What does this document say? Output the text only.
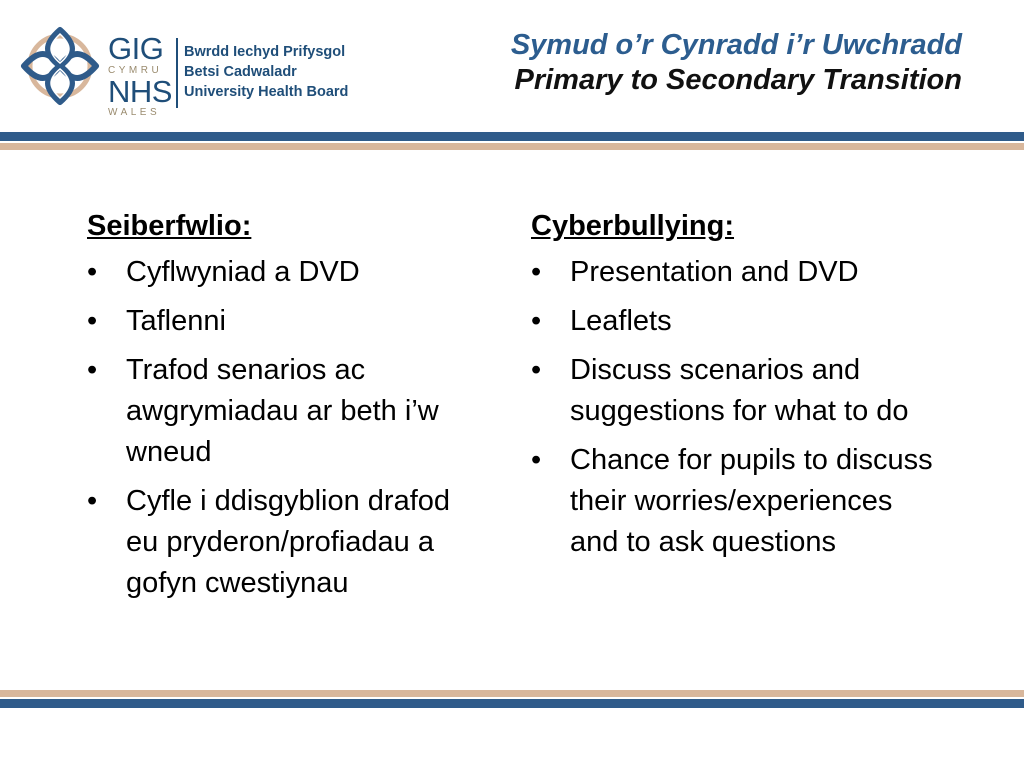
GIG
CYMRU
NHS
WALES
Bwrdd Iechyd Prifysgol
Betsi Cadwaladr
University Health Board
Symud o’r Cynradd i’r Uwchradd
Primary to Secondary Transition
Seiberfwlio:
• Cyflwyniad a DVD
• Taflenni
• Trafod senarios ac awgrymiadau ar beth i’w wneud
• Cyfle i ddisgyblion drafod eu pryderon/profiadau a gofyn cwestiynau
Cyberbullying:
• Presentation and DVD
• Leaflets
• Discuss scenarios and suggestions for what to do
• Chance for pupils to discuss their worries/experiences and to ask questions
